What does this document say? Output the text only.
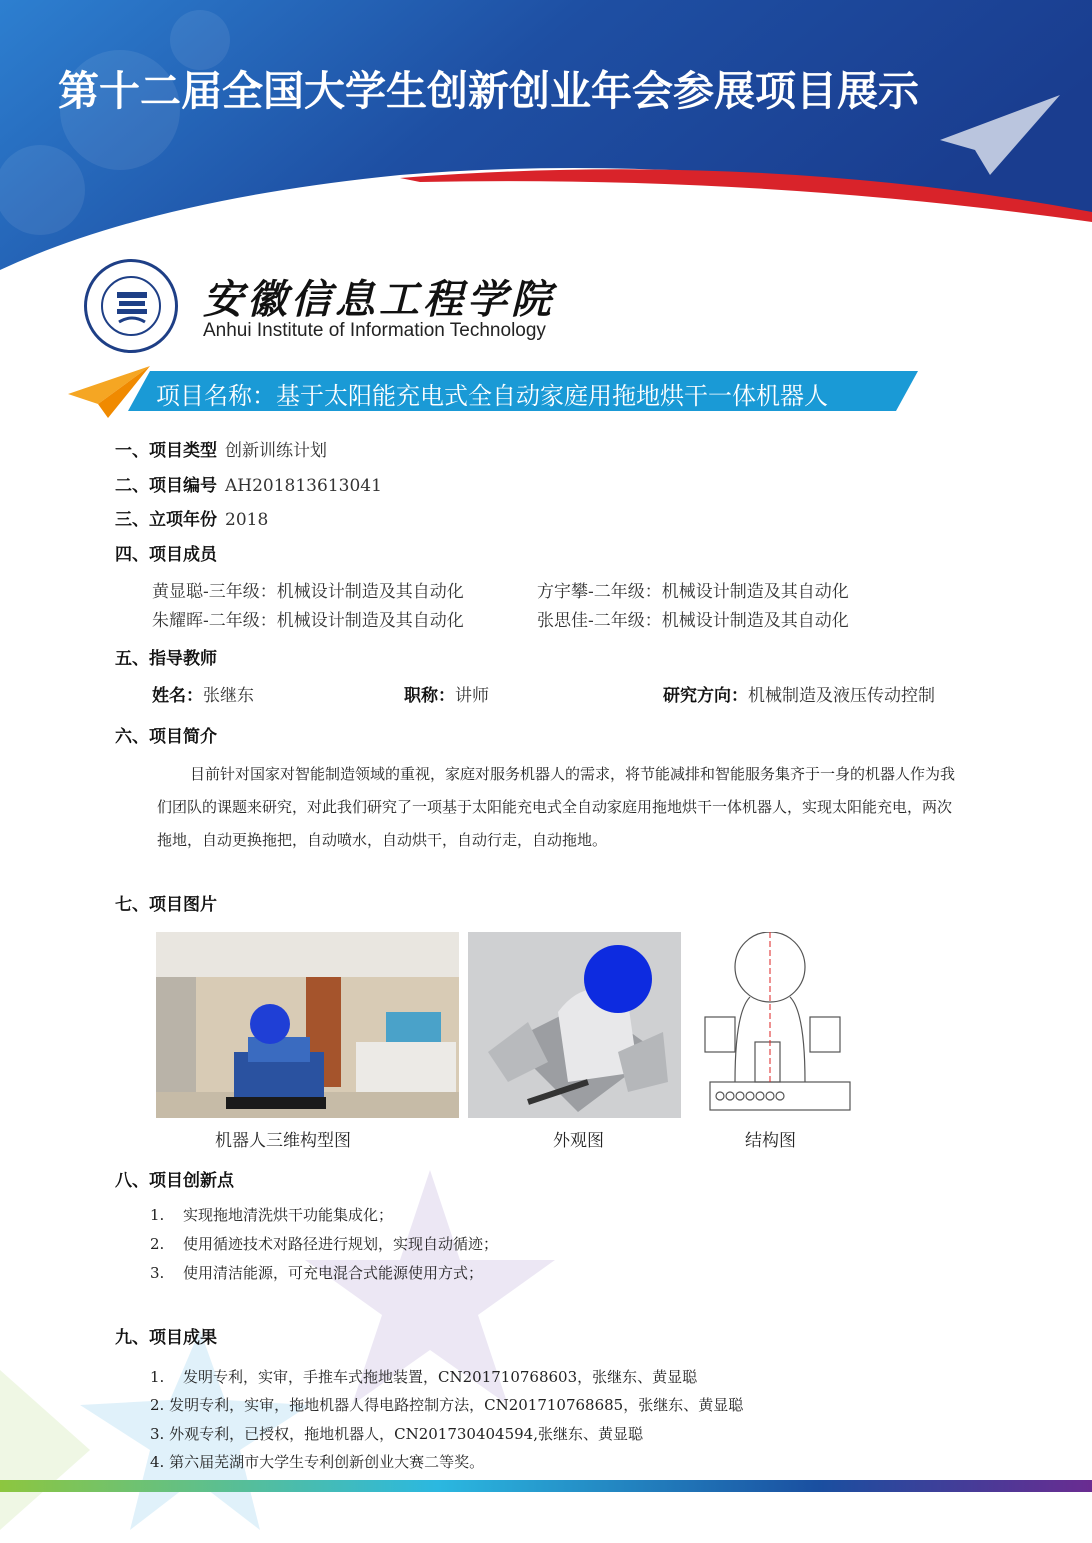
第十二届全国大学生创新创业年会参展项目展示
安徽信息工程学院
Anhui Institute of Information Technology
项目名称：基于太阳能充电式全自动家庭用拖地烘干一体机器人
一、项目类型 创新训练计划
二、项目编号 AH201813613041
三、立项年份 2018
四、项目成员
黄显聪-三年级：机械设计制造及其自动化	方宇攀-二年级：机械设计制造及其自动化
朱耀晖-二年级：机械设计制造及其自动化	张思佳-二年级：机械设计制造及其自动化
五、指导教师
姓名：张继东	职称：讲师	研究方向：机械制造及液压传动控制
六、项目简介
目前针对国家对智能制造领域的重视，家庭对服务机器人的需求，将节能减排和智能服务集齐于一身的机器人作为我们团队的课题来研究，对此我们研究了一项基于太阳能充电式全自动家庭用拖地烘干一体机器人，实现太阳能充电，两次拖地，自动更换拖把，自动喷水，自动烘干，自动行走，自动拖地。
七、项目图片
机器人三维构型图	外观图	结构图
八、项目创新点
1. 实现拖地清洗烘干功能集成化；
2. 使用循迹技术对路径进行规划，实现自动循迹；
3. 使用清洁能源，可充电混合式能源使用方式；
九、项目成果
1. 发明专利，实审，手推车式拖地装置，CN201710768603，张继东、黄显聪
2. 发明专利，实审，拖地机器人得电路控制方法，CN201710768685，张继东、黄显聪
3. 外观专利，已授权，拖地机器人，CN201730404594,张继东、黄显聪
4. 第六届芜湖市大学生专利创新创业大赛二等奖。
